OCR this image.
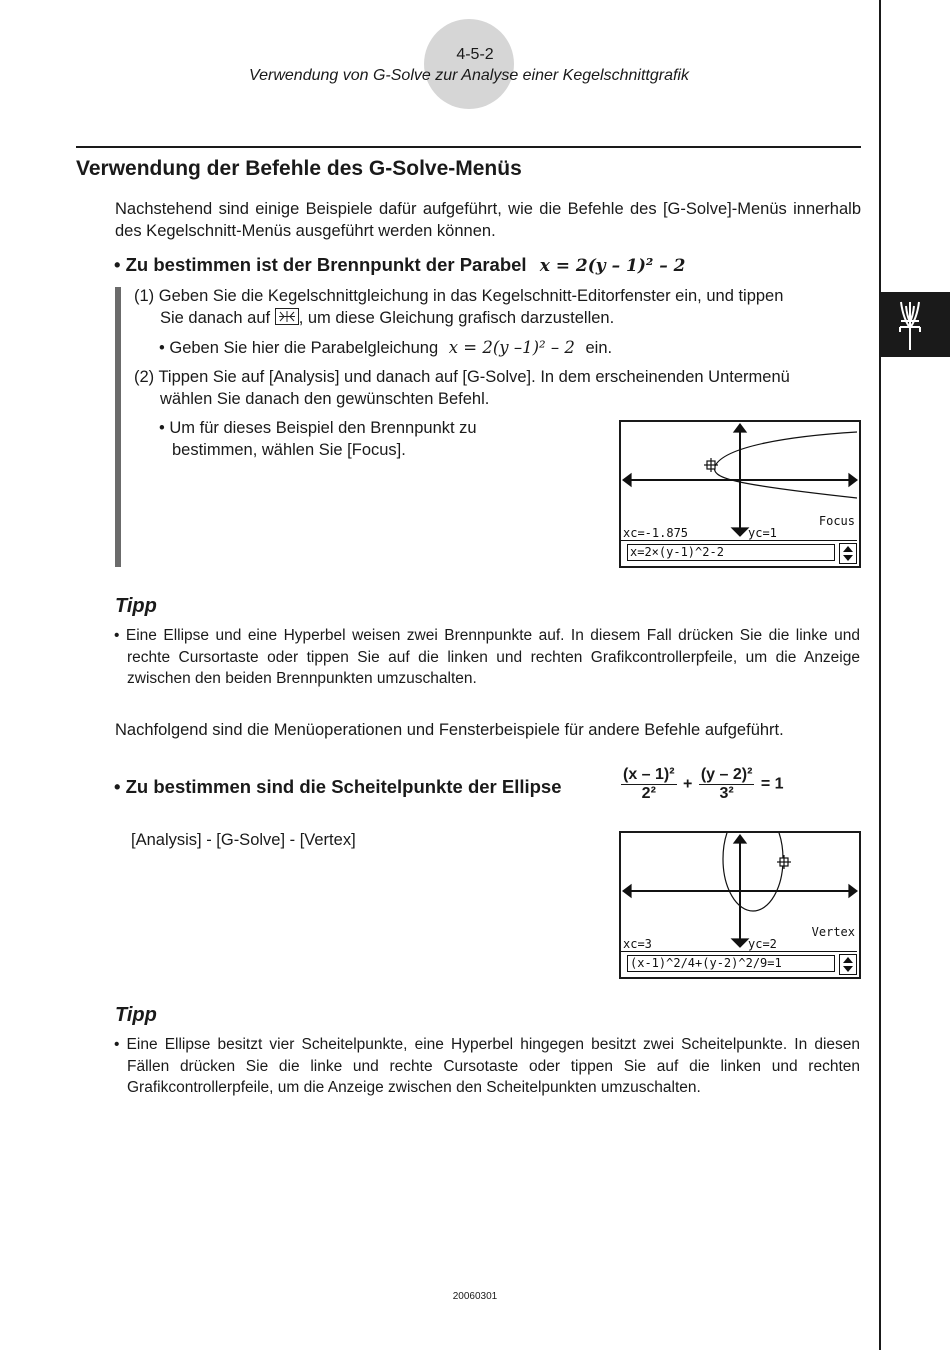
4-5-2
Verwendung von G-Solve zur Analyse einer Kegelschnittgrafik
Verwendung der Befehle des G-Solve-Menüs
Nachstehend sind einige Beispiele dafür aufgeführt, wie die Befehle des [G-Solve]-Menüs innerhalb des Kegelschnitt-Menüs ausgeführt werden können.
• Zu bestimmen ist der Brennpunkt der Parabel x = 2(y – 1)² – 2
(1) Geben Sie die Kegelschnittgleichung in das Kegelschnitt-Editorfenster ein, und tippen
Sie danach auf , um diese Gleichung grafisch darzustellen.
• Geben Sie hier die Parabelgleichung x = 2(y –1)² – 2 ein.
(2) Tippen Sie auf [Analysis] und danach auf [G-Solve]. In dem erscheinenden Untermenü
wählen Sie danach den gewünschten Befehl.
• Um für dieses Beispiel den Brennpunkt zu
bestimmen, wählen Sie [Focus].
Focus
xc=-1.875	yc=1
x=2×(y-1)^2-2
Tipp
• Eine Ellipse und eine Hyperbel weisen zwei Brennpunkte auf. In diesem Fall drücken Sie die linke und rechte Cursortaste oder tippen Sie auf die linken und rechten Grafikcontrollerpfeile, um die Anzeige zwischen den beiden Brennpunkten umzuschalten.
Nachfolgend sind die Menüoperationen und Fensterbeispiele für andere Befehle aufgeführt.
• Zu bestimmen sind die Scheitelpunkte der Ellipse	$\frac{\text{(x – 1)²}}{\text{2²}} + \frac{\text{(y – 2)²}}{\text{3²}} = 1$
[Analysis] - [G-Solve] - [Vertex]
Vertex
xc=3	yc=2
(x-1)^2/4+(y-2)^2/9=1
Tipp
• Eine Ellipse besitzt vier Scheitelpunkte, eine Hyperbel hingegen besitzt zwei Scheitelpunkte. In diesen Fällen drücken Sie die linke und rechte Cursotaste oder tippen Sie auf die linken und rechten Grafikcontrollerpfeile, um die Anzeige zwischen den Scheitelpunkten umzuschalten.
20060301
